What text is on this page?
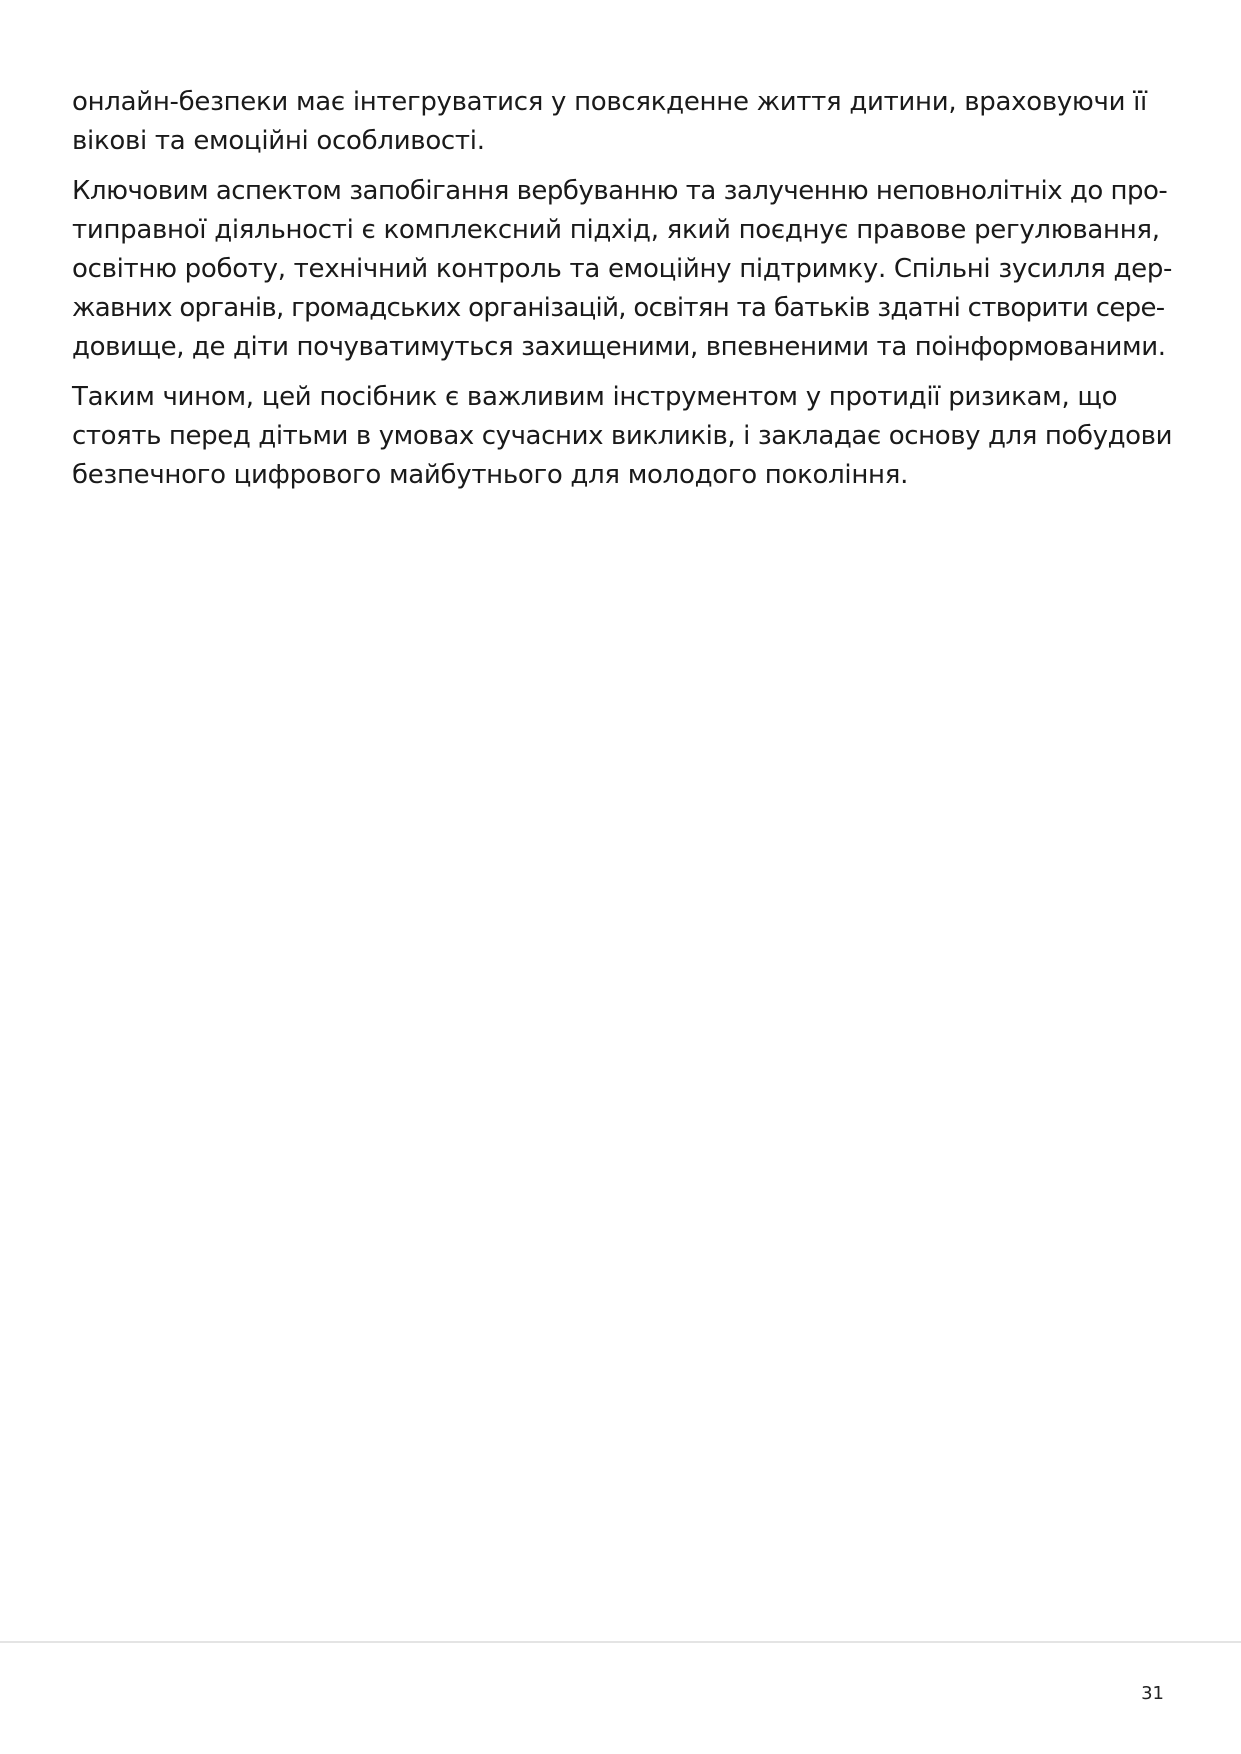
онлайн-безпеки має інтегруватися у повсякденне життя дитини, враховуючи її
вікові та емоційні особливості.

Ключовим аспектом запобігання вербуванню та залученню неповнолітніх до про-
типравної діяльності є комплексний підхід, який поєднує правове регулювання,
освітню роботу, технічний контроль та емоційну підтримку. Спільні зусилля дер-
жавних органів, громадських організацій, освітян та батьків здатні створити сере-
довище, де діти почуватимуться захищеними, впевненими та поінформованими.

Таким чином, цей посібник є важливим інструментом у протидії ризикам, що
стоять перед дітьми в умовах сучасних викликів, і закладає основу для побудови
безпечного цифрового майбутнього для молодого покоління.

31
